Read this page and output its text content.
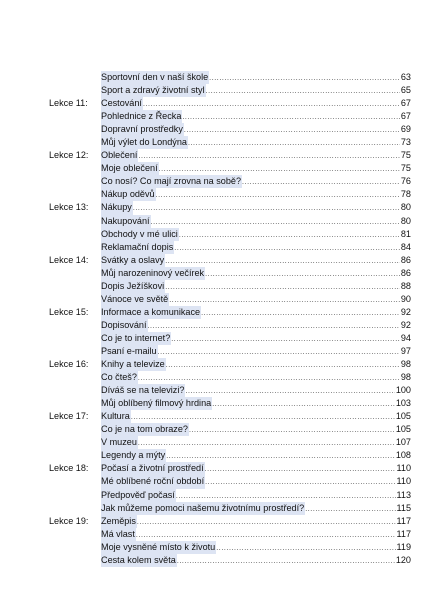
Sportovní den v naší škole .....	63
Sport a zdravý životní styl .....	65
Lekce 11:	Cestování .....	67
Pohlednice z Řecka .....	67
Dopravní prostředky .....	69
Můj výlet do Londýna .....	73
Lekce 12:	Oblečení .....	75
Moje oblečení .....	75
Co nosí? Co mají zrovna na sobě? .....	76
Nákup oděvů .....	78
Lekce 13:	Nákupy .....	80
Nakupování .....	80
Obchody v mé ulici .....	81
Reklamační dopis .....	84
Lekce 14:	Svátky a oslavy .....	86
Můj narozeninový večírek .....	86
Dopis Ježíškovi .....	88
Vánoce ve světě .....	90
Lekce 15:	Informace a komunikace .....	92
Dopisování .....	92
Co je to internet? .....	94
Psaní e-mailu .....	97
Lekce 16:	Knihy a televize .....	98
Co čteš? .....	98
Díváš se na televizi? .....	100
Můj oblíbený filmový hrdina .....	103
Lekce 17:	Kultura .....	105
Co je na tom obraze? .....	105
V muzeu .....	107
Legendy a mýty .....	108
Lekce 18:	Počasí a životní prostředí .....	110
Mé oblíbené roční období .....	110
Předpověď počasí .....	113
Jak můžeme pomoci našemu životnímu prostředí? .....	115
Lekce 19:	Zeměpis .....	117
Má vlast .....	117
Moje vysněné místo k životu .....	119
Cesta kolem světa .....	120
